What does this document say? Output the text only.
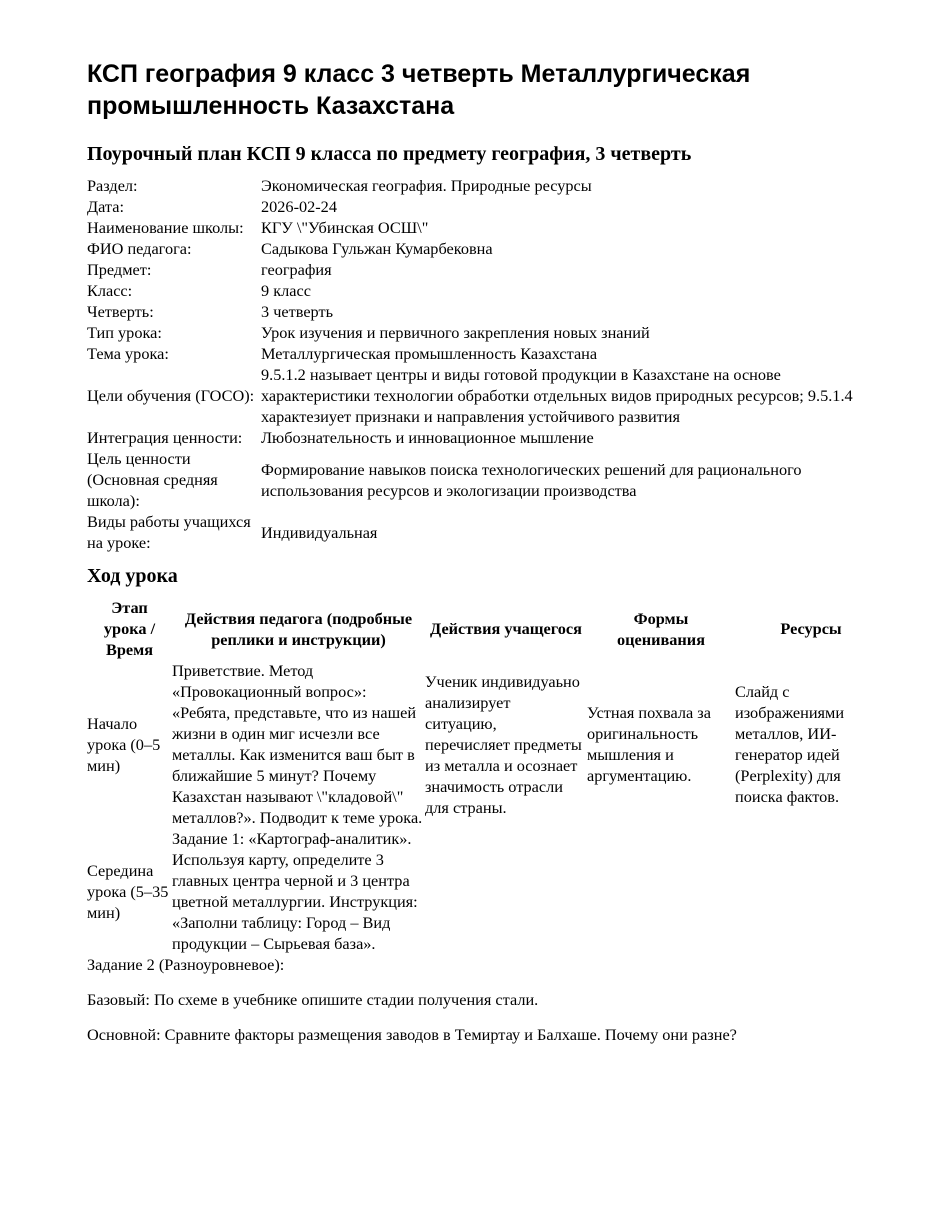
КСП география 9 класс 3 четверть Металлургическая промышленность Казахстана
Поурочный план КСП 9 класса по предмету география, 3 четверть
Раздел:	Экономическая география. Природные ресурсы
Дата:	2026-02-24
Наименование школы:	КГУ \"Убинская ОСШ\"
ФИО педагога:	Садыкова Гульжан Кумарбековна
Предмет:	география
Класс:	9 класс
Четверть:	3 четверть
Тип урока:	Урок изучения и первичного закрепления новых знаний
Тема урока:	Металлургическая промышленность Казахстана
Цели обучения (ГОСО):	9.5.1.2 называет центры и виды готовой продукции в Казахстане на основе характеристики технологии обработки отдельных видов природных ресурсов; 9.5.1.4 характезиует признаки и направления устойчивого развития
Интеграция ценности:	Любознательность и инновационное мышление
Цель ценности (Основная средняя школа):	Формирование навыков поиска технологических решений для рационального использования ресурсов и экологизации производства
Виды работы учащихся на уроке:	Индивидуальная
Ход урока
Этап урока / Время	Действия педагога (подробные реплики и инструкции)	Действия учащегося	Формы оценивания	Ресурсы
Начало урока (0–5 мин)	Приветствие. Метод «Провокационный вопрос»: «Ребята, представьте, что из нашей жизни в один миг исчезли все металлы. Как изменится ваш быт в ближайшие 5 минут? Почему Казахстан называют \"кладовой\" металлов?». Подводит к теме урока.	Ученик индивидуаьно анализирует ситуацию, перечисляет предметы из металла и осознает значимость отрасли для страны.	Устная похвала за оригинальность мышления и аргументацию.	Слайд с изображениями металлов, ИИ-генератор идей (Perplexity) для поиска фактов.
Середина урока (5–35 мин)	Задание 1: «Картограф-аналитик». Используя карту, определите 3 главных центра черной и 3 центра цветной металлургии. Инструкция: «Заполни таблицу: Город – Вид продукции – Сырьевая база».			

Задание 2 (Разноуровневое):

Базовый: По схеме в учебнике опишите стадии получения стали.

Основной: Сравните факторы размещения заводов в Темиртау и Балхаше. Почему они разне?
